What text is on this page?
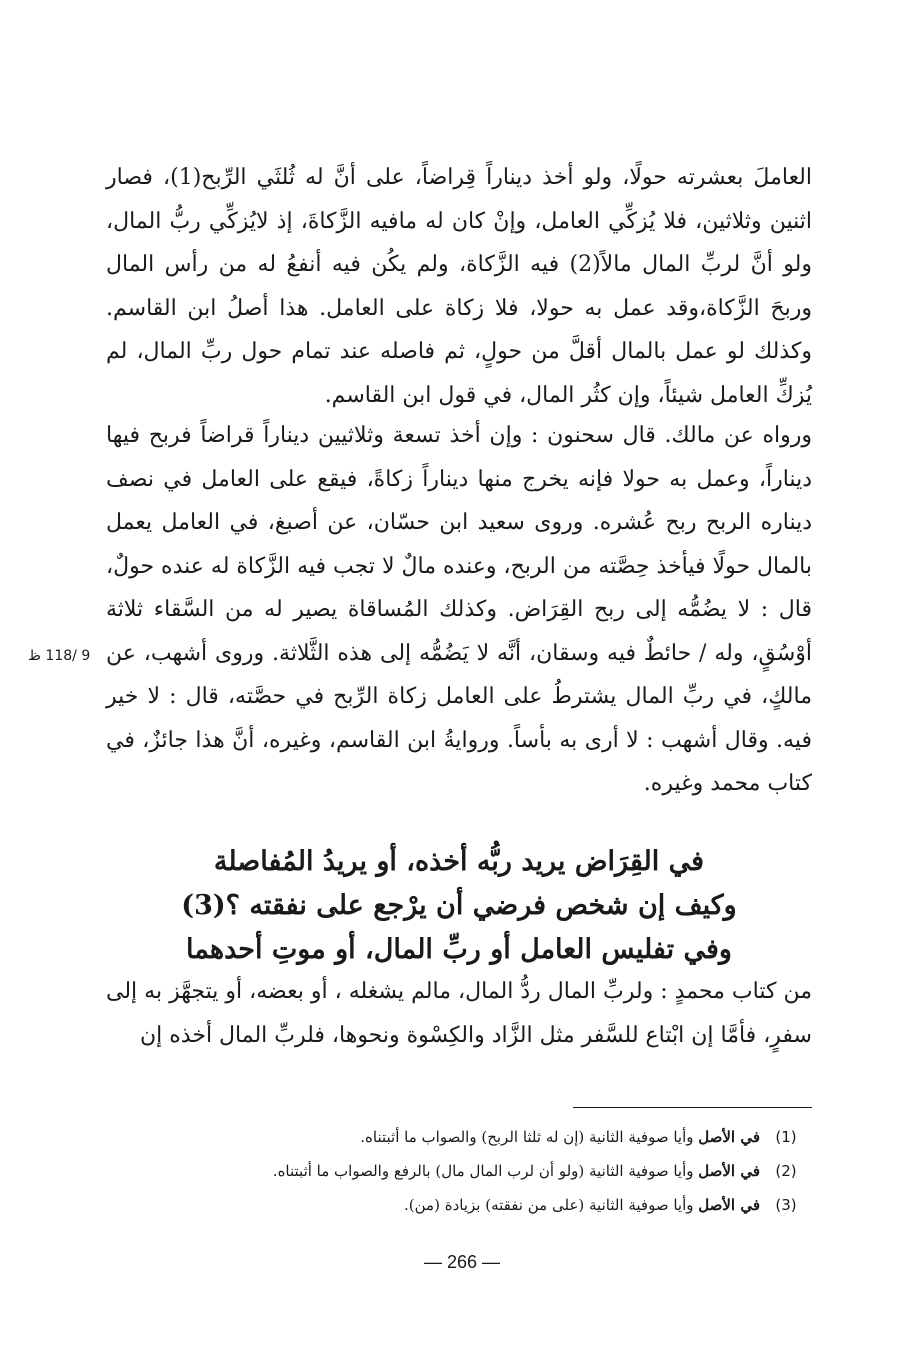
العاملَ بعشرته حولًا، ولو أخذ ديناراً قِراضاً، على أنَّ له ثُلثَي الرِّبح(1)، فصار اثنين وثلاثين، فلا يُزكِّي العامل، وإنْ كان له مافيه الزَّكاةَ، إذ لايُزكِّي ربُّ المال، ولو أنَّ لربِّ المال مالاً(2) فيه الزَّكاة، ولم يكُن فيه أنفعُ له من رأس المال وربحَ الزَّكاة،وقد عمل به حولا، فلا زكاة على العامل. هذا أصلُ ابن القاسم. وكذلك لو عمل بالمال أقلَّ من حولٍ، ثم فاصله عند تمام حول ربِّ المال، لم يُزكِّ العامل شيئاً، وإن كثُر المال، في قول ابن القاسم.

ورواه عن مالك. قال سحنون : وإن أخذ تسعة وثلاثيين ديناراً قراضاً فربح فيها ديناراً، وعمل به حولا فإنه يخرج منها ديناراً زكاةً، فيقع على العامل في نصف ديناره الربح ربح عُشره. وروى سعيد ابن حسّان، عن أصبغ، في العامل يعمل بالمال حولًا فيأخذ حِصَّته من الربح، وعنده مالٌ لا تجب فيه الزَّكاة له عنده حولٌ، قال : لا يضُمُّه إلى ربح القِرَاض. وكذلك المُساقاة يصير له من السَّقاء ثلاثة أوْسُقٍ، وله / حائطٌ فيه وسقان، أنَّه لا يَضُمُّه إلى هذه الثَّلاثة. وروى أشهب، عن مالكٍ، في ربِّ المال يشترطُ على العامل زكاة الرِّبح في حصَّته، قال : لا خير فيه. وقال أشهب : لا أرى به بأساً. وروايةُ ابن القاسم، وغيره، أنَّ هذا جائزٌ، في كتاب محمد وغيره.

9 /118 ظ
في القِرَاض يريد ربُّه أخذه، أو يريدُ المُفاصلة
وكيف إن شخص فرضي أن يرْجع على نفقته ؟(3)
وفي تفليس العامل أو ربِّ المال، أو موتِ أحدهما

من كتاب محمدٍ : ولربِّ المال ردُّ المال، مالم يشغله ، أو بعضه، أو يتجهَّز به إلى سفرٍ، فأمَّا إن ابْتاع للسَّفر مثل الزَّاد والكِسْوة ونحوها، فلربِّ المال أخذه إن

(1)
في الأصل وأيا صوفية الثانية (إن له ثلثا الربح) والصواب ما أثبتناه.
(2)
في الأصل وأيا صوفية الثانية (ولو أن لرب المال مال) بالرفع والصواب ما أثبتناه.
(3)
في الأصل وأيا صوفية الثانية (على من نفقته) بزيادة (من).
— 266 —
